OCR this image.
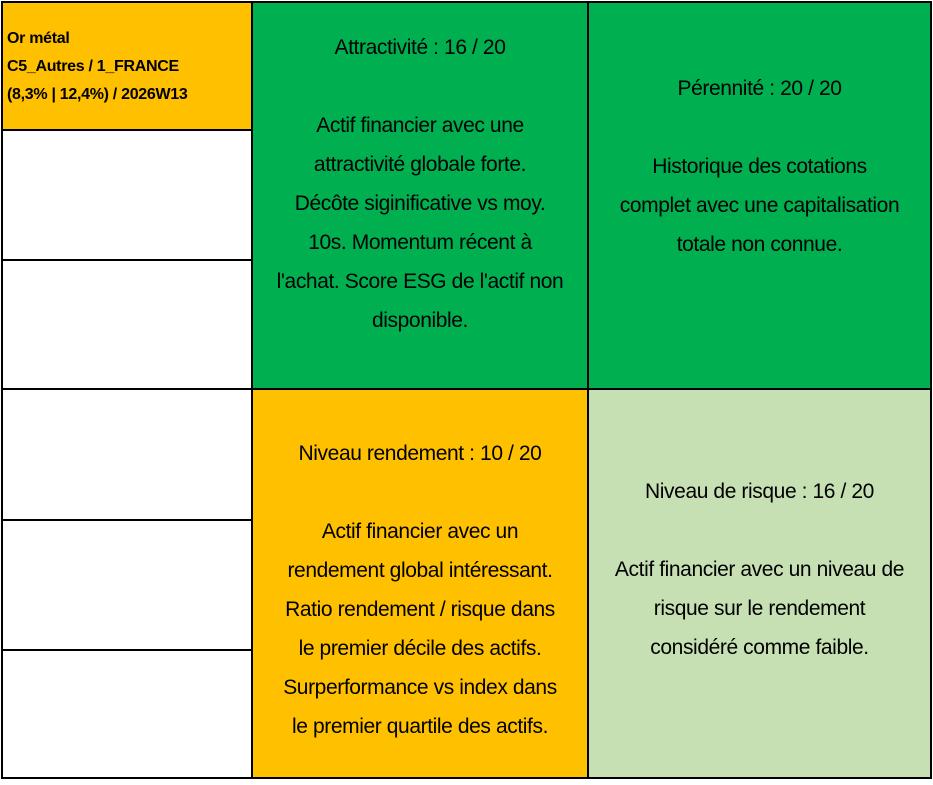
Or métal
C5_Autres / 1_FRANCE
(8,3% | 12,4%) / 2026W13
Attractivité : 16 / 20
Actif financier avec une
attractivité globale forte.
Décôte siginificative vs moy.
10s. Momentum récent à
l'achat. Score ESG de l'actif non
disponible.
Pérennité : 20 / 20
Historique des cotations
complet avec une capitalisation
totale non connue.
Niveau rendement : 10 / 20
Actif financier avec un
rendement global intéressant.
Ratio rendement / risque dans
le premier décile des actifs.
Surperformance vs index dans
le premier quartile des actifs.
Niveau de risque : 16 / 20
Actif financier avec un niveau de
risque sur le rendement
considéré comme faible.
